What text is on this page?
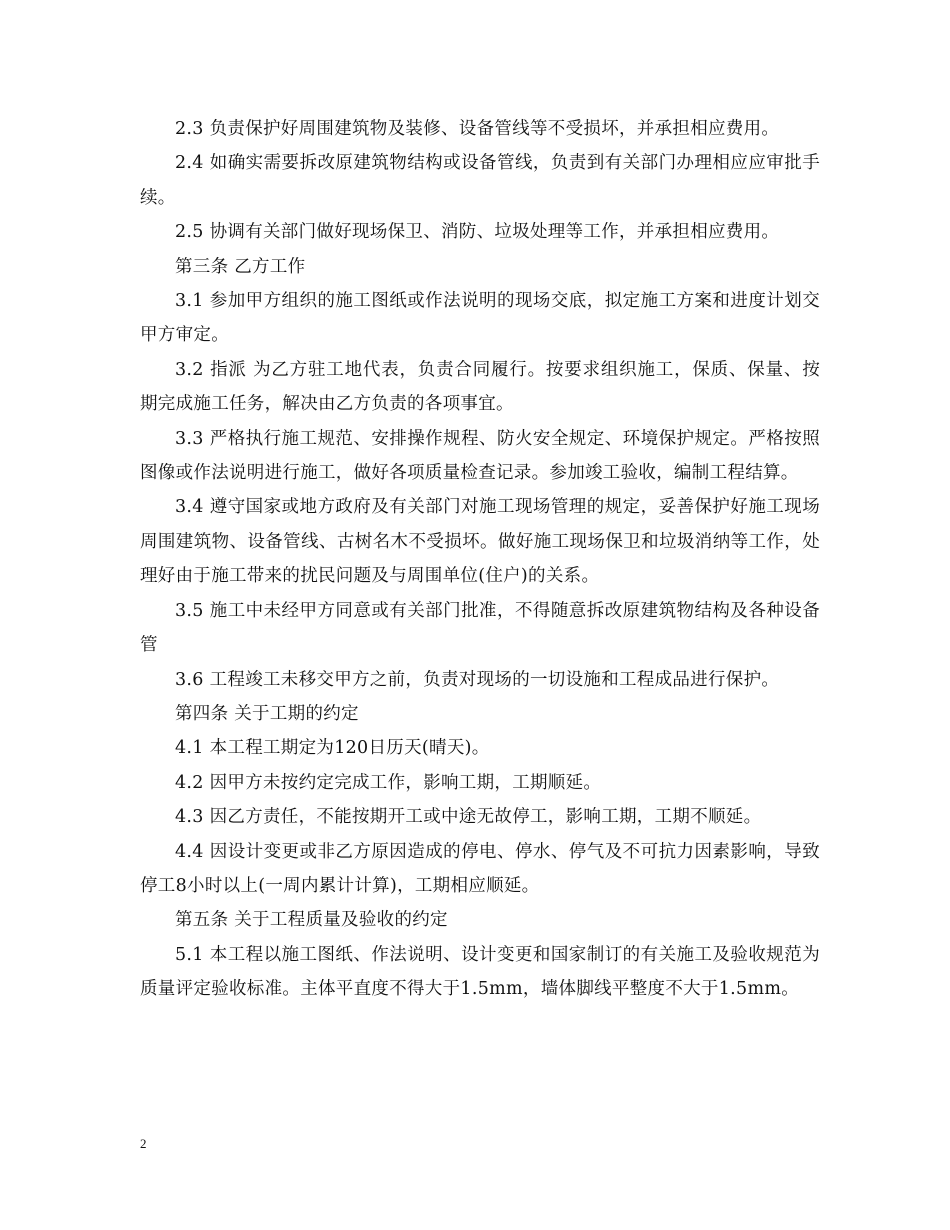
2.3 负责保护好周围建筑物及装修、设备管线等不受损坏，并承担相应费用。

2.4 如确实需要拆改原建筑物结构或设备管线，负责到有关部门办理相应应审批手续。

2.5 协调有关部门做好现场保卫、消防、垃圾处理等工作，并承担相应费用。

第三条 乙方工作

3.1 参加甲方组织的施工图纸或作法说明的现场交底，拟定施工方案和进度计划交甲方审定。

3.2 指派 为乙方驻工地代表，负责合同履行。按要求组织施工，保质、保量、按期完成施工任务，解决由乙方负责的各项事宜。

3.3 严格执行施工规范、安排操作规程、防火安全规定、环境保护规定。严格按照图像或作法说明进行施工，做好各项质量检查记录。参加竣工验收，编制工程结算。

3.4 遵守国家或地方政府及有关部门对施工现场管理的规定，妥善保护好施工现场周围建筑物、设备管线、古树名木不受损坏。做好施工现场保卫和垃圾消纳等工作，处理好由于施工带来的扰民问题及与周围单位(住户)的关系。

3.5 施工中未经甲方同意或有关部门批准，不得随意拆改原建筑物结构及各种设备管

3.6 工程竣工未移交甲方之前，负责对现场的一切设施和工程成品进行保护。

第四条 关于工期的约定

4.1 本工程工期定为120日历天(晴天)。

4.2 因甲方未按约定完成工作，影响工期，工期顺延。

4.3 因乙方责任，不能按期开工或中途无故停工，影响工期，工期不顺延。

4.4 因设计变更或非乙方原因造成的停电、停水、停气及不可抗力因素影响，导致停工8小时以上(一周内累计计算)，工期相应顺延。

第五条 关于工程质量及验收的约定

5.1 本工程以施工图纸、作法说明、设计变更和国家制订的有关施工及验收规范为质量评定验收标准。主体平直度不得大于1.5mm，墙体脚线平整度不大于1.5mm。

2
